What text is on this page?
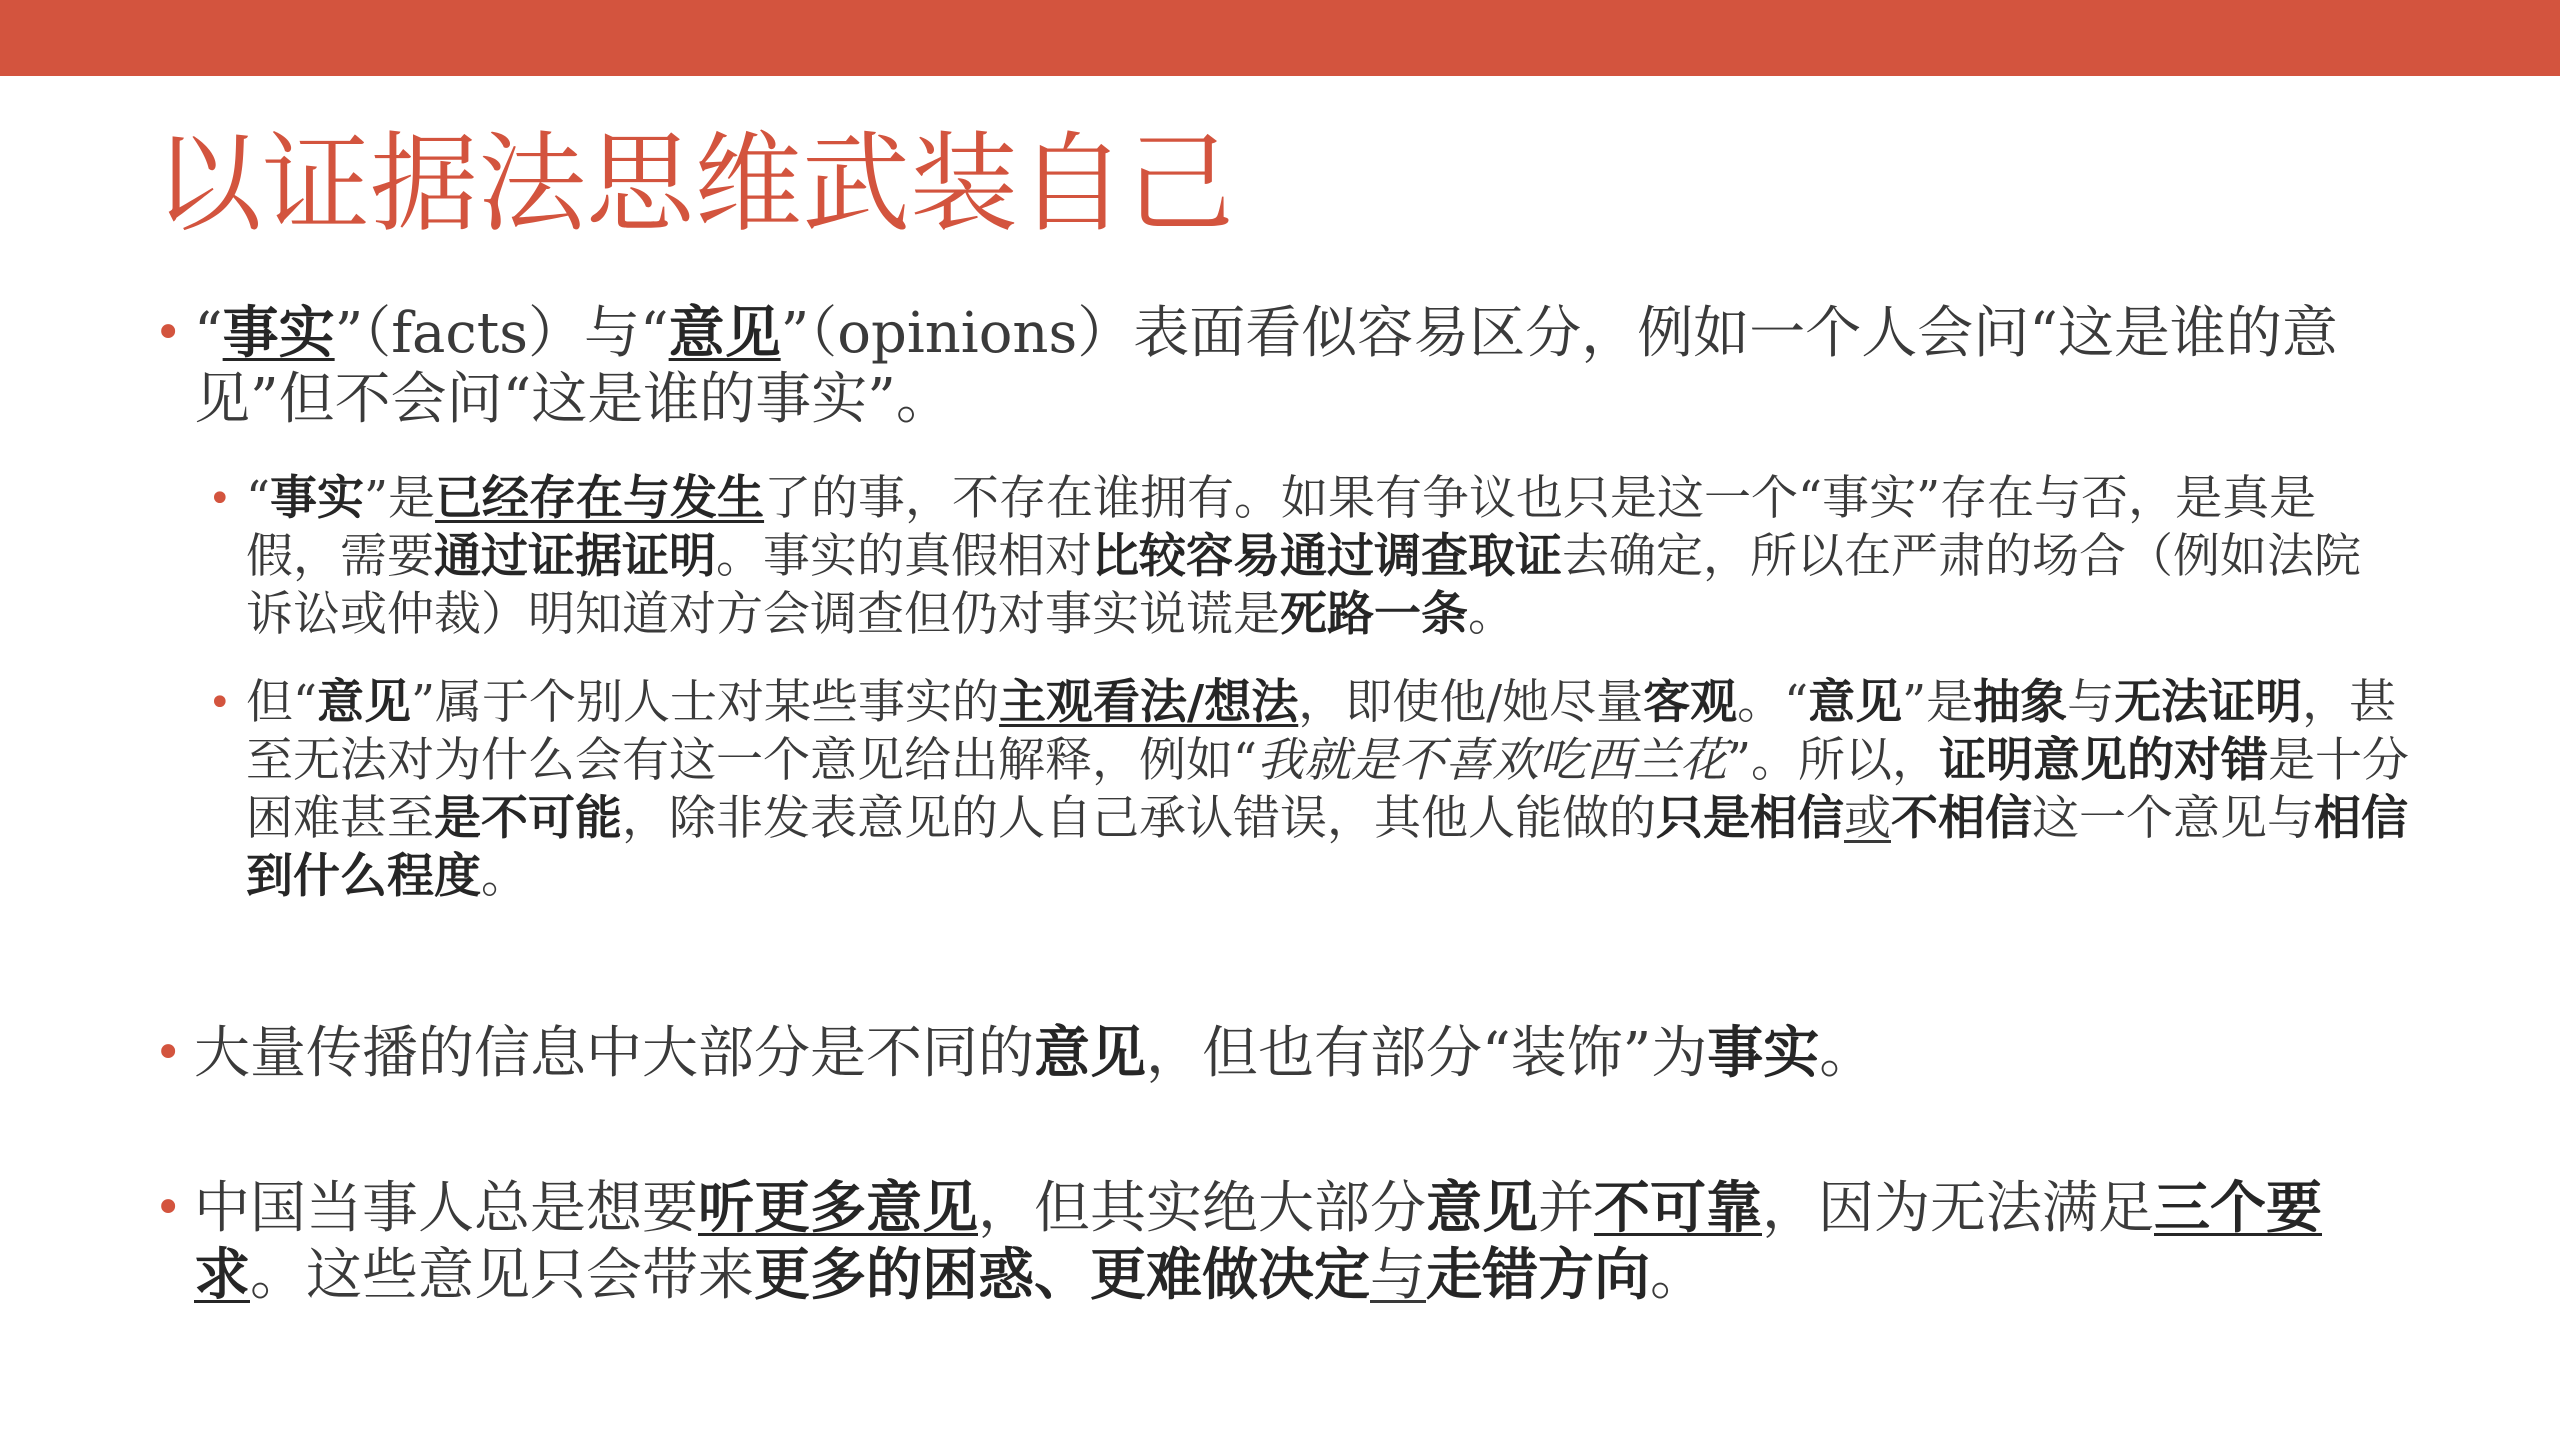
以证据法思维武装自己
• “事实”（facts）与“意见”（opinions）表面看似容易区分，例如一个人会问“这是谁的意见”但不会问“这是谁的事实”。
• “事实”是已经存在与发生了的事，不存在谁拥有。如果有争议也只是这一个“事实”存在与否，是真是假，需要通过证据证明。事实的真假相对比较容易通过调查取证去确定，所以在严肃的场合（例如法院诉讼或仲裁）明知道对方会调查但仍对事实说谎是死路一条。
• 但“意见”属于个别人士对某些事实的主观看法/想法，即使他/她尽量客观。“意见”是抽象与无法证明，甚至无法对为什么会有这一个意见给出解释，例如“我就是不喜欢吃西兰花”。所以，证明意见的对错是十分困难甚至是不可能，除非发表意见的人自己承认错误，其他人能做的只是相信或不相信这一个意见与相信到什么程度。
• 大量传播的信息中大部分是不同的意见，但也有部分“装饰”为事实。
• 中国当事人总是想要听更多意见，但其实绝大部分意见并不可靠，因为无法满足三个要求。这些意见只会带来更多的困惑、更难做决定与走错方向。
